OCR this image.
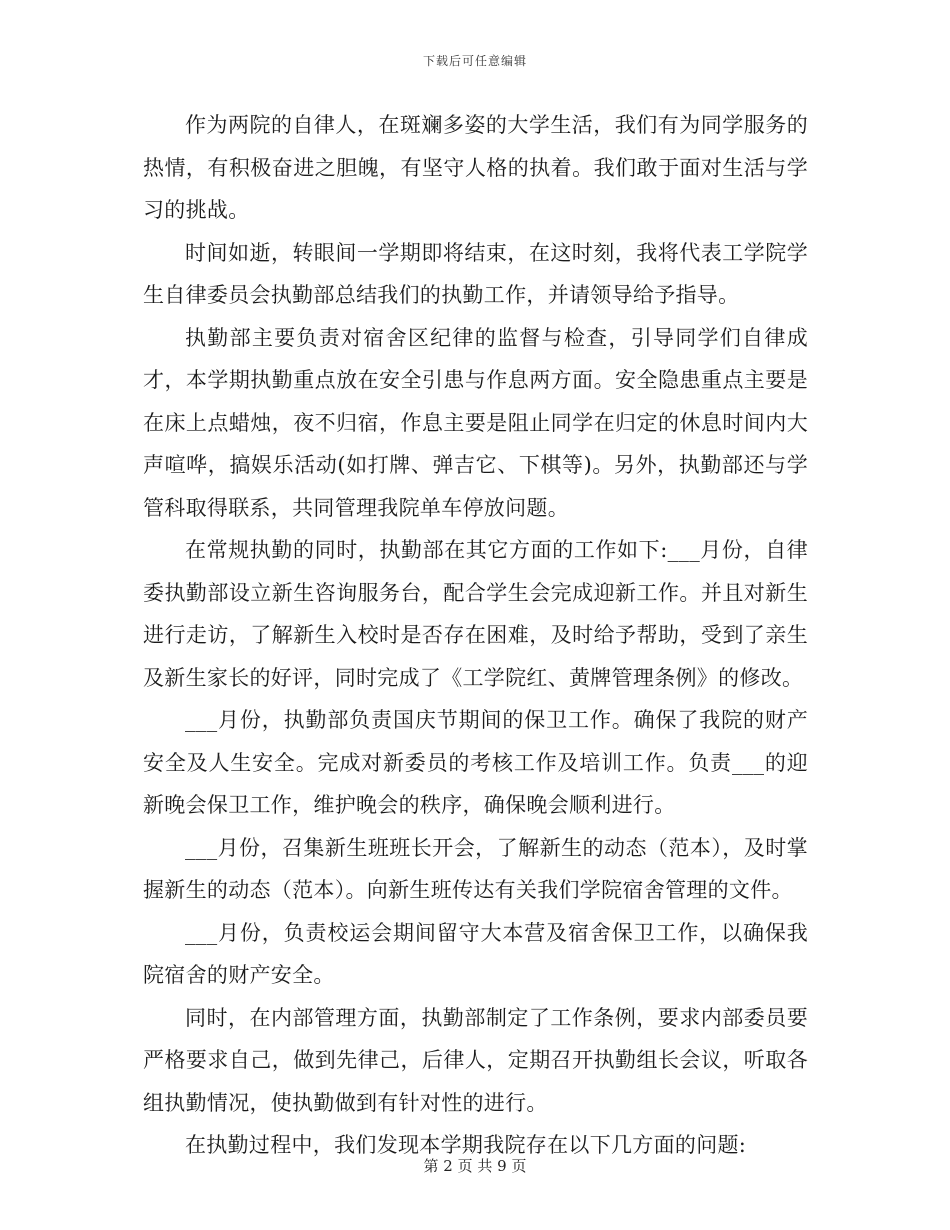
下载后可任意编辑

作为两院的自律人，在斑斓多姿的大学生活，我们有为同学服务的热情，有积极奋进之胆魄，有坚守人格的执着。我们敢于面对生活与学习的挑战。

时间如逝，转眼间一学期即将结束，在这时刻，我将代表工学院学生自律委员会执勤部总结我们的执勤工作，并请领导给予指导。

执勤部主要负责对宿舍区纪律的监督与检查，引导同学们自律成才，本学期执勤重点放在安全引患与作息两方面。安全隐患重点主要是在床上点蜡烛，夜不归宿，作息主要是阻止同学在归定的休息时间内大声喧哗，搞娱乐活动(如打牌、弹吉它、下棋等)。另外，执勤部还与学管科取得联系，共同管理我院单车停放问题。

在常规执勤的同时，执勤部在其它方面的工作如下:___月份，自律委执勤部设立新生咨询服务台，配合学生会完成迎新工作。并且对新生进行走访，了解新生入校时是否存在困难，及时给予帮助，受到了亲生及新生家长的好评，同时完成了《工学院红、黄牌管理条例》的修改。

___月份，执勤部负责国庆节期间的保卫工作。确保了我院的财产安全及人生安全。完成对新委员的考核工作及培训工作。负责___的迎新晚会保卫工作，维护晚会的秩序，确保晚会顺利进行。

___月份，召集新生班班长开会，了解新生的动态（范本），及时掌握新生的动态（范本）。向新生班传达有关我们学院宿舍管理的文件。

___月份，负责校运会期间留守大本营及宿舍保卫工作，以确保我院宿舍的财产安全。

同时，在内部管理方面，执勤部制定了工作条例，要求内部委员要严格要求自己，做到先律己，后律人，定期召开执勤组长会议，听取各组执勤情况，使执勤做到有针对性的进行。

在执勤过程中，我们发现本学期我院存在以下几方面的问题:

第 2 页 共 9 页
